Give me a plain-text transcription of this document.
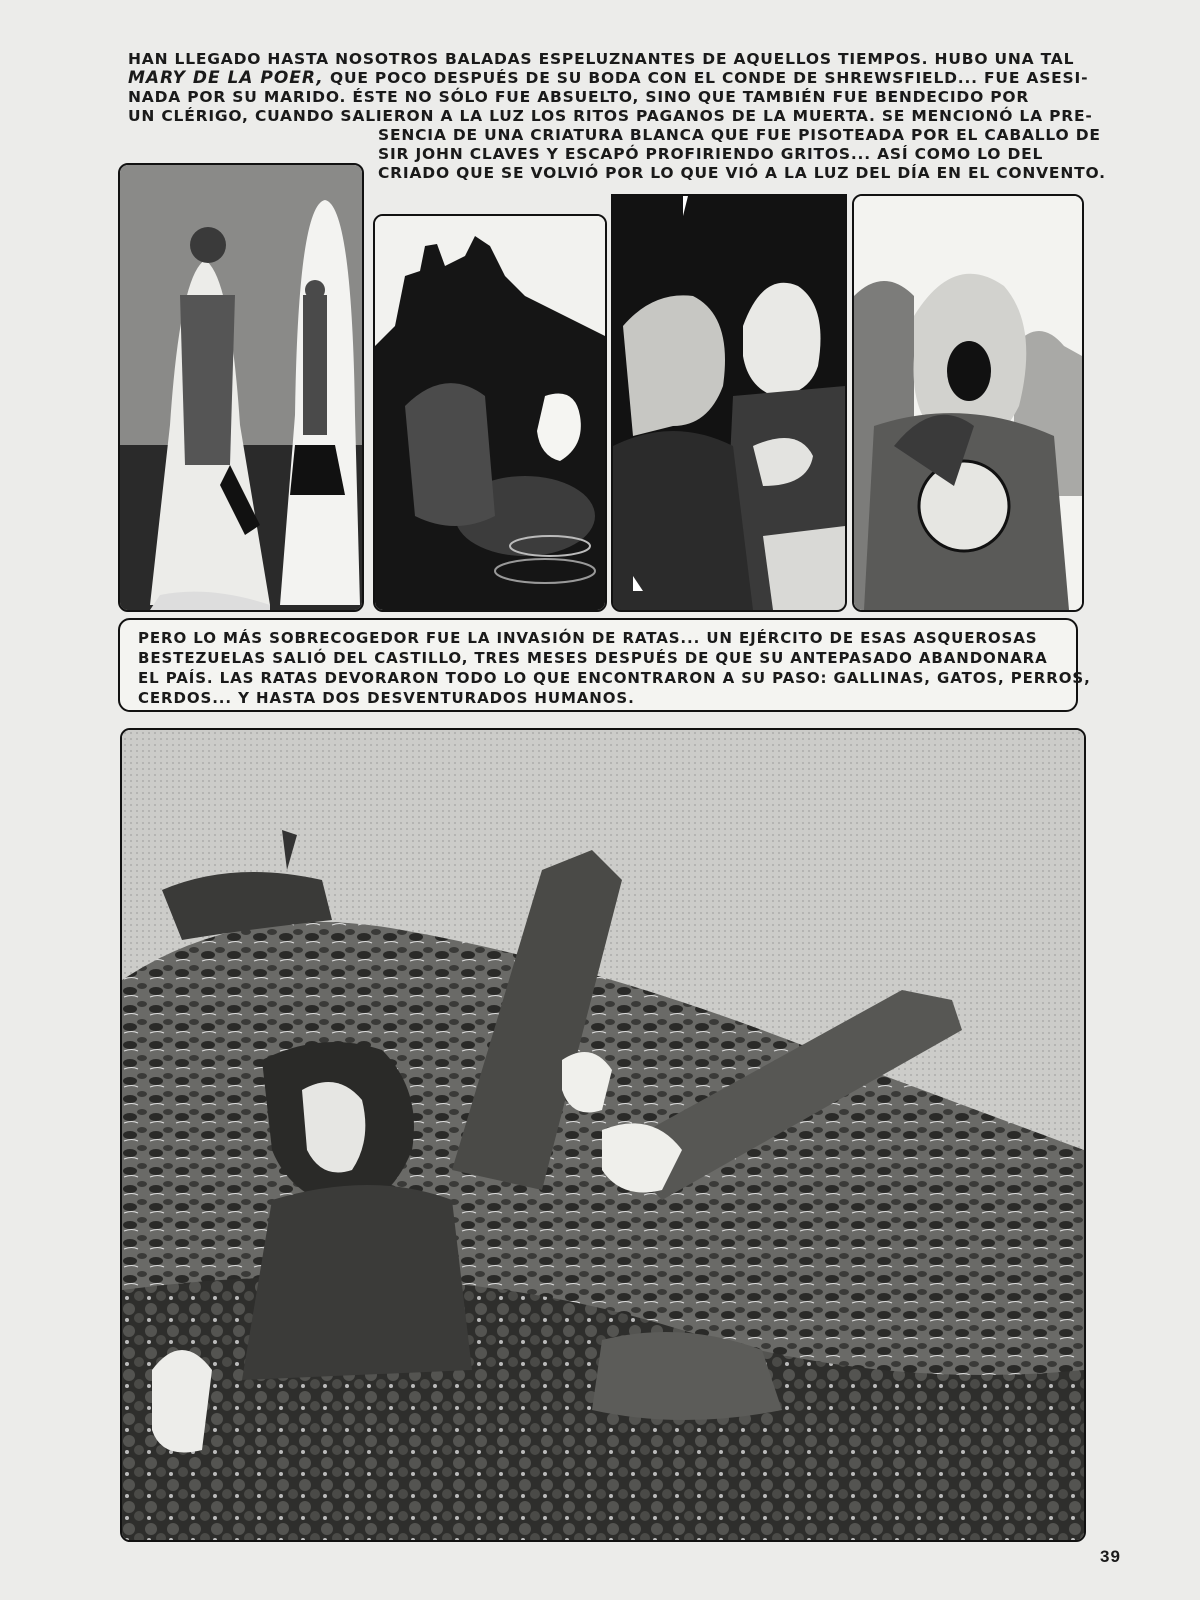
HAN LLEGADO HASTA NOSOTROS BALADAS ESPELUZNANTES DE AQUELLOS TIEMPOS. HUBO UNA TAL
MARY DE LA POER, QUE POCO DESPUÉS DE SU BODA CON EL CONDE DE SHREWSFIELD... FUE ASESI-
NADA POR SU MARIDO. ÉSTE NO SÓLO FUE ABSUELTO, SINO QUE TAMBIÉN FUE BENDECIDO POR
UN CLÉRIGO, CUANDO SALIERON A LA LUZ LOS RITOS PAGANOS DE LA MUERTA. SE MENCIONÓ LA PRE-
SENCIA DE UNA CRIATURA BLANCA QUE FUE PISOTEADA POR EL CABALLO DE
SIR JOHN CLAVES Y ESCAPÓ PROFIRIENDO GRITOS... ASÍ COMO LO DEL
CRIADO QUE SE VOLVIÓ POR LO QUE VIÓ A LA LUZ DEL DÍA EN EL CONVENTO.
PERO LO MÁS SOBRECOGEDOR FUE LA INVASIÓN DE RATAS... UN EJÉRCITO DE ESAS ASQUEROSAS
BESTEZUELAS SALIÓ DEL CASTILLO, TRES MESES DESPUÉS DE QUE SU ANTEPASADO ABANDONARA
EL PAÍS. LAS RATAS DEVORARON TODO LO QUE ENCONTRARON A SU PASO: GALLINAS, GATOS, PERROS,
CERDOS... Y HASTA DOS DESVENTURADOS HUMANOS.
39
